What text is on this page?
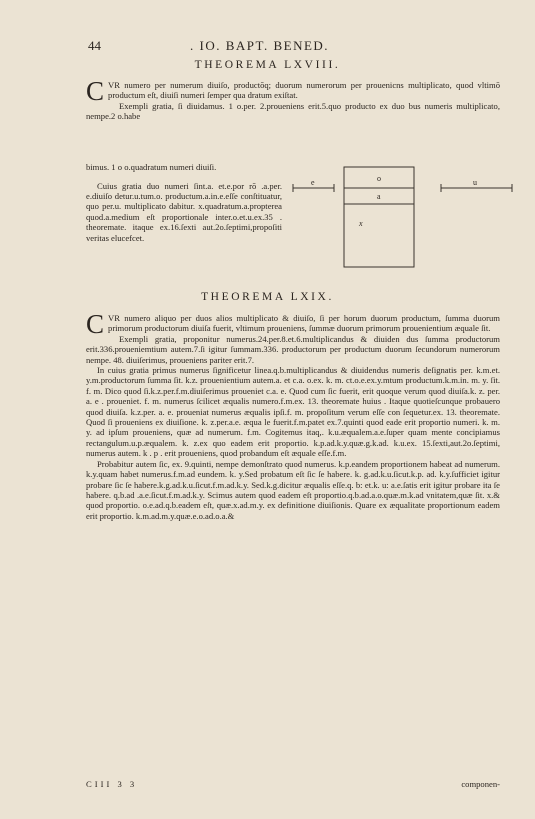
44	. IO. BAPT. BENED.
THEOREMA LXVIII.
C VR numero per numerum diuiſo, productōq; duorum numerorum per prouenicns multiplicato, quod vltimō productum eſt, diuiſi numeri ſemper qua dratum exiſtat.

Exempli gratia, ſi diuidamus. 1 o.per. 2.proueniens erit.5.quo producto ex duo bus numeris multiplicato, nempe.2 o.habe

bimus. 1 o o.quadratum numeri diuiſi.

Cuius gratia duo numeri ſint.a. et.e.por rō .a.per. e.diuiſo detur.u.tum.o. productum.a.in.e.eſſe conſtituatur, quo per.u. multiplicato dabitur. x.quadratum.a.propterea quod.a.medium eſt proportionale inter.o.et.u.ex.35 . theoremate. itaque ex.16.ſexti aut.2o.ſeptimi,propoſiti veritas elucefcet.

e	o
a
x
u
THEOREMA LXIX.
C VR numero aliquo per duos alios multiplicato & diuiſo, ſi per horum duorum productum, ſumma duorum primorum productorum diuiſa fuerit, vltimum proueniens, ſummæ duorum primorum prouenientium æquale ſit.

Exempli gratia, proponitur numerus.24.per.8.et.6.multiplicandus & diuiden dus ſumma productorum erit.336.proueniemtium autem.7.ſi igitur ſummam.336. productorum per productum duorum ſecundorum numerorum nempe. 48. diuiſerimus, proueniens pariter erit.7.

In cuius gratia primus numerus ſignificetur linea.q.b.multiplicandus & diuidendus numeris deſignatis per. k.m.et. y.m.productorum ſumma ſit. k.z. prouenientium autem.a. et c.a. o.ex. k. m. ct.o.e.ex.y.mtum productum.k.m.in. m. y. ſit. f. m. Dico quod ſi.k.z.per.f.m.diuiſerimus proueniet c.a. e. Quod cum ſic fuerit, erit quoque verum quod diuiſa.k. z. per. a. e . proueniet. f. m. numerus ſcilicet æqualis numero.f.m.ex. 13. theoremate huius . Itaque quotieſcunque probauero quod diuiſa. k.z.per. a. e. proueniat numerus æqualis ipſi.f. m. propoſitum verum eſſe con ſequetur.ex. 13. theoremate. Quod ſi proueniens ex diuiſione. k. z.per.a.e. æqua le fuerit.f.m.patet ex.7.quinti quod eade erit proportio numeri. k. m. y. ad ipſum proueniens, quæ ad numerum. f.m. Cogitemus itaq,. k.u.æqualem.a.e.ſuper quam mente concipiamus rectangulum.u.p.æqualem. k. z.ex quo eadem erit proportio. k.p.ad.k.y.quæ.g.k.ad. k.u.ex. 15.ſexti,aut.2o.ſeptimi, numerus autem. k . p . erit proueniens, quod probandum eſt æquale eſſe.f.m.

Probabitur autem ſic, ex. 9.quinti, nempe demonſtrato quod numerus. k.p.eandem proportionem habeat ad numerum. k.y.quam habet numerus.f.m.ad eundem. k. y.Sed probatum eſt ſic ſe habere. k. g.ad.k.u.ſicut.k.p. ad. k.y.ſufficiet igitur probare ſic ſe habere.k.g.ad.k.u.ſicut.f.m.ad.k.y. Sed.k.g.dicitur æqualis eſſe.q. b: et.k. u: a.e.ſatis erit igitur probare ita ſe habere. q.b.ad .a.e.ſicut.f.m.ad.k.y. Scimus autem quod eadem eſt proportio.q.b.ad.a.o.quæ.m.k.ad vnitatem,quæ ſit. x.& quod proportio. o.e.ad.q.b.eadem eſt, quæ.x.ad.m.y. ex definitione diuiſionis. Quare ex æqualitate proportionum eadem erit proportio. k.m.ad.m.y.quæ.e.o.ad.o.a.&

CIII 3 3	componen-
